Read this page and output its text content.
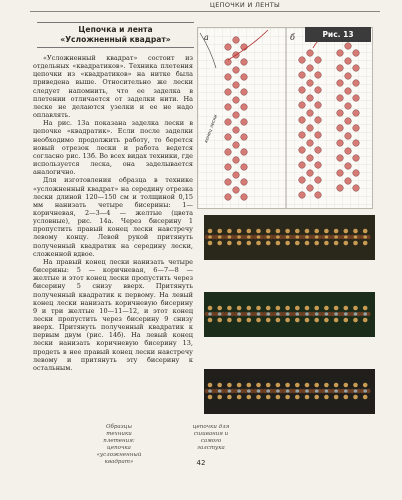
ЦЕПОЧКИ И ЛЕНТЫ
Цепочка и лента
«Усложненный квадрат»

«Усложненный квадрат» состоит из отдельных «квадратиков». Техника плетения цепочки из «квадратиков» на нитке была приведена выше. Относительно же лески следует напомнить, что ее заделка в плетении отличается от заделки нити. На леске не делаются узелки и ее не надо оплавлять.

На рис. 13а показана заделка лески в цепочке «квадратик». Если после заделки необходимо продолжить работу, то берется новый отрезок лески и работа ведется согласно рис. 13б. Во всех видах техники, где используется леска, она заделывается аналогично.

Для изготовления образца в технике «усложненный квадрат» на середину отрезка лески длиной 120—150 см и толщиной 0,15 мм нанизать четыре бисерины: 1— коричневая, 2—3—4 — желтые (цвета условные), рис. 14а. Через бисерину 1 пропустить правый конец лески навстречу левому концу. Левой рукой притянуть полученный квадратик на середину лески, сложенной вдвое.

На правый конец лески нанизать четыре бисерины: 5 — коричневая, 6—7—8 — желтые и этот конец лески пропустить через бисерину 5 снизу вверх. Притянуть полученный квадратик к первому. На левый конец лески нанизать коричневую бисерину 9 и три желтые 10—11—12, и этот конец лески пропустить через бисерину 9 снизу вверх. Притянуть полученный квадратик к первым двум (рис. 14б). На левый конец лески нанизать коричневую бисерину 13, продеть в нее правый конец лески навстречу левому и притянуть эту бисерину к остальным.

а	б
конец лески
Рис. 13
Образцы техники плетения: цепочка «усложненный квадрат»
цепочки для сшивания и самого галстука
42
